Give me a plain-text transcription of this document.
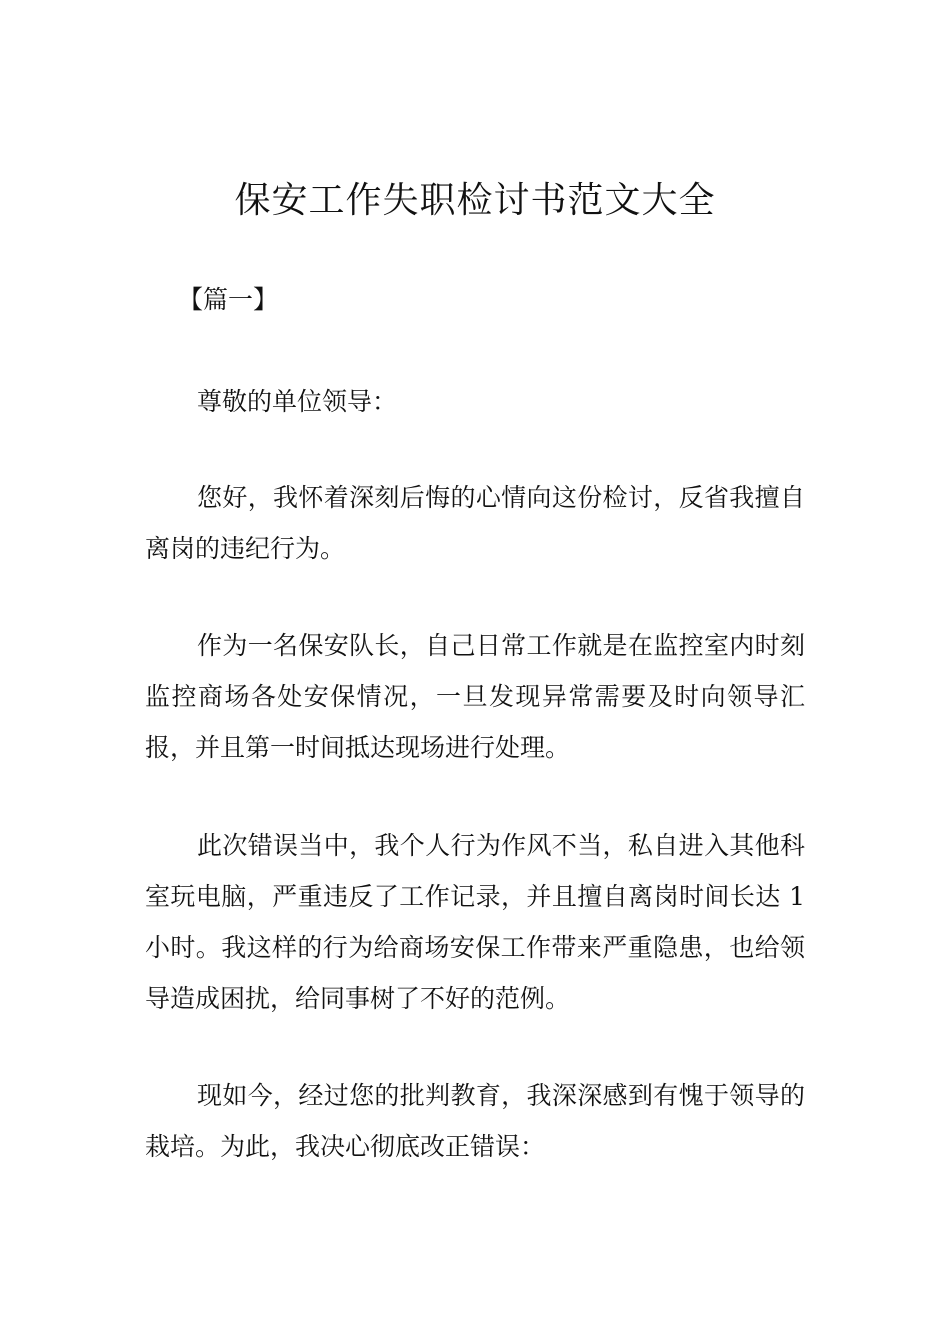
保安工作失职检讨书范文大全

【篇一】

尊敬的单位领导：

您好，我怀着深刻后悔的心情向这份检讨，反省我擅自离岗的违纪行为。

作为一名保安队长，自己日常工作就是在监控室内时刻监控商场各处安保情况，一旦发现异常需要及时向领导汇报，并且第一时间抵达现场进行处理。

此次错误当中，我个人行为作风不当，私自进入其他科室玩电脑，严重违反了工作记录，并且擅自离岗时间长达 1 小时。我这样的行为给商场安保工作带来严重隐患，也给领导造成困扰，给同事树了不好的范例。

现如今，经过您的批判教育，我深深感到有愧于领导的栽培。为此，我决心彻底改正错误：
